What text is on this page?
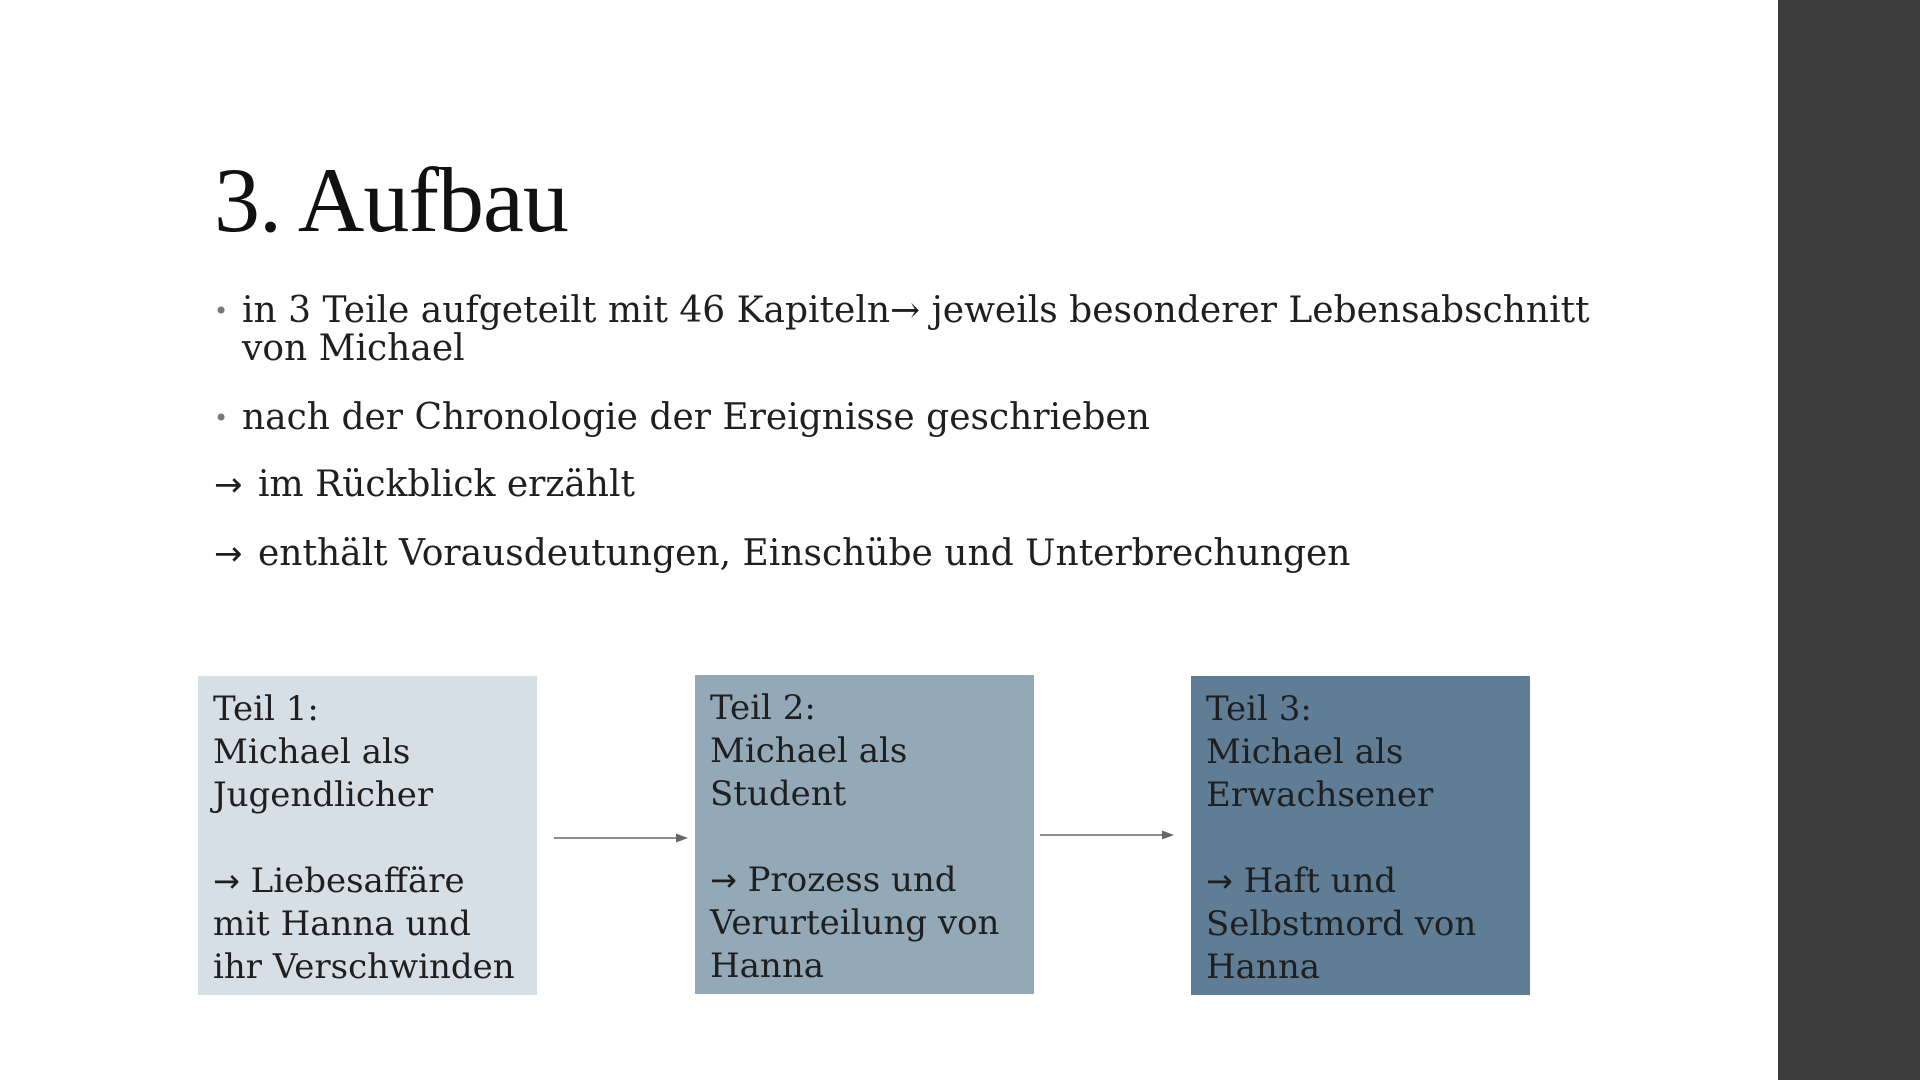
3. Aufbau
• in 3 Teile aufgeteilt mit 46 Kapiteln→ jeweils besonderer Lebensabschnitt
von Michael
• nach der Chronologie der Ereignisse geschrieben
→ im Rückblick erzählt
→ enthält Vorausdeutungen, Einschübe und Unterbrechungen
Teil 1:
Michael als
Jugendlicher
→ Liebesaffäre
mit Hanna und
ihr Verschwinden
Teil 2:
Michael als
Student
→ Prozess und
Verurteilung von
Hanna
Teil 3:
Michael als
Erwachsener
→ Haft und
Selbstmord von
Hanna
